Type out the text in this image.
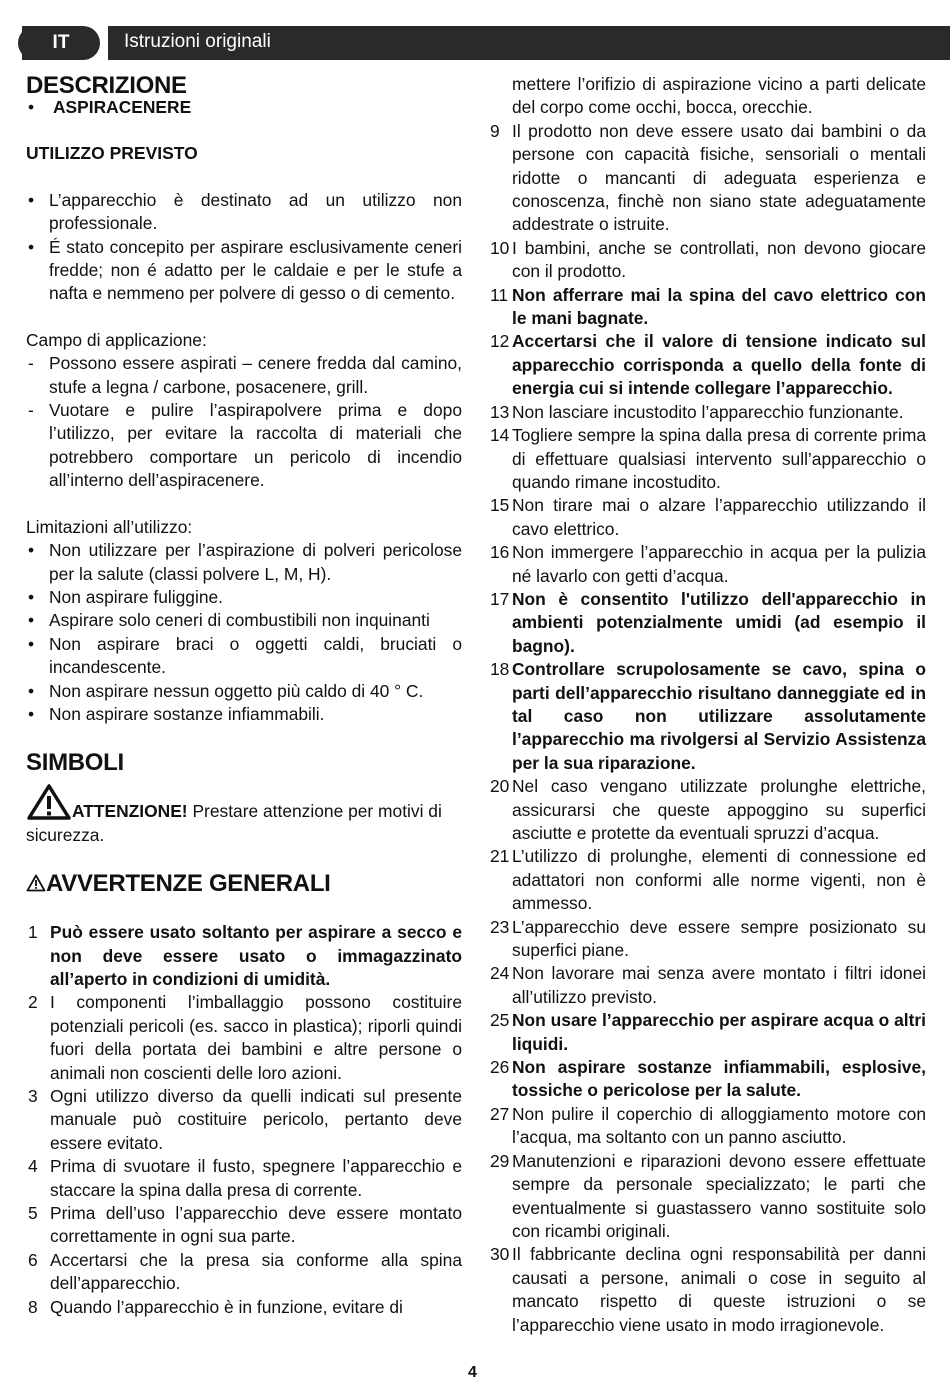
Istruzioni originali
IT
DESCRIZIONE
• ASPIRACENERE
UTILIZZO PREVISTO
• L’apparecchio è destinato ad un utilizzo non professionale.
• É stato concepito per aspirare esclusivamente ceneri fredde; non é adatto per le caldaie e per le stufe a nafta e nemmeno per polvere di gesso o di cemento.

Campo di applicazione:

- Possono essere aspirati – cenere fredda dal camino, stufe a legna / carbone, posacenere, grill.
- Vuotare e pulire l’aspirapolvere prima e dopo l’utilizzo, per evitare la raccolta di materiali che potrebbero comportare un pericolo di incendio all’interno dell’aspiracenere.

Limitazioni all’utilizzo:

• Non utilizzare per l’aspirazione di polveri pericolose per la salute (classi polvere L, M, H).
• Non aspirare fuliggine.
• Aspirare solo ceneri di combustibili non inquinanti
• Non aspirare braci o oggetti caldi, bruciati o incandescente.
• Non aspirare nessun oggetto più caldo di 40 ° C.
• Non aspirare sostanze infiammabili.
SIMBOLI

ATTENZIONE! Prestare attenzione per motivi di sicurezza.

AVVERTENZE GENERALI
1 Può essere usato soltanto per aspirare a secco e non deve essere usato o immagazzinato all’aperto in condizioni di umidità.
2 I componenti l’imballaggio possono costituire potenziali pericoli (es. sacco in plastica); riporli quindi fuori della portata dei bambini e altre persone o animali non coscienti delle loro azioni.
3 Ogni utilizzo diverso da quelli indicati sul presente manuale può costituire pericolo, pertanto deve essere evitato.
4 Prima di svuotare il fusto, spegnere l’apparecchio e staccare la spina dalla presa di corrente.
5 Prima dell’uso l’apparecchio deve essere montato correttamente in ogni sua parte.
6 Accertarsi che la presa sia conforme alla spina dell’apparecchio.
8 Quando l’apparecchio è in funzione, evitare di

mettere l’orifizio di aspirazione vicino a parti delicate del corpo come occhi, bocca, orecchie.

9 Il prodotto non deve essere usato dai bambini o da persone con capacità fisiche, sensoriali o mentali ridotte o mancanti di adeguata esperienza e conoscenza, finchè non siano state adeguatamente addestrate o istruite.
10 I bambini, anche se controllati, non devono giocare con il prodotto.
11 Non afferrare mai la spina del cavo elettrico con le mani bagnate.
12 Accertarsi che il valore di tensione indicato sul apparecchio corrisponda a quello della fonte di energia cui si intende collegare l’apparecchio.
13 Non lasciare incustodito l’apparecchio funzionante.
14 Togliere sempre la spina dalla presa di corrente prima di effettuare qualsiasi intervento sull’apparecchio o quando rimane incostudito.
15 Non tirare mai o alzare l’apparecchio utilizzando il cavo elettrico.
16 Non immergere l’apparecchio in acqua per la pulizia né lavarlo con getti d’acqua.
17 Non è consentito l'utilizzo dell'apparecchio in ambienti potenzialmente umidi (ad esempio il bagno).
18 Controllare scrupolosamente se cavo, spina o parti dell’apparecchio risultano danneggiate ed in tal caso non utilizzare assolutamente l’apparecchio ma rivolgersi al Servizio Assistenza per la sua riparazione.
20 Nel caso vengano utilizzate prolunghe elettriche, assicurarsi che queste appoggino su superfici asciutte e protette da eventuali spruzzi d’acqua.
21 L’utilizzo di prolunghe, elementi di connessione ed adattatori non conformi alle norme vigenti, non è ammesso.
23 L’apparecchio deve essere sempre posizionato su superfici piane.
24 Non lavorare mai senza avere montato i filtri idonei all’utilizzo previsto.
25 Non usare l’apparecchio per aspirare acqua o altri liquidi.
26 Non aspirare sostanze infiammabili, esplosive, tossiche o pericolose per la salute.
27 Non pulire il coperchio di alloggiamento motore con l’acqua, ma soltanto con un panno asciutto.
29 Manutenzioni e riparazioni devono essere effettuate sempre da personale specializzato; le parti che eventualmente si guastassero vanno sostituite solo con ricambi originali.
30 Il fabbricante declina ogni responsabilità per danni causati a persone, animali o cose in seguito al mancato rispetto di queste istruzioni o se l’apparecchio viene usato in modo irragionevole.
4
